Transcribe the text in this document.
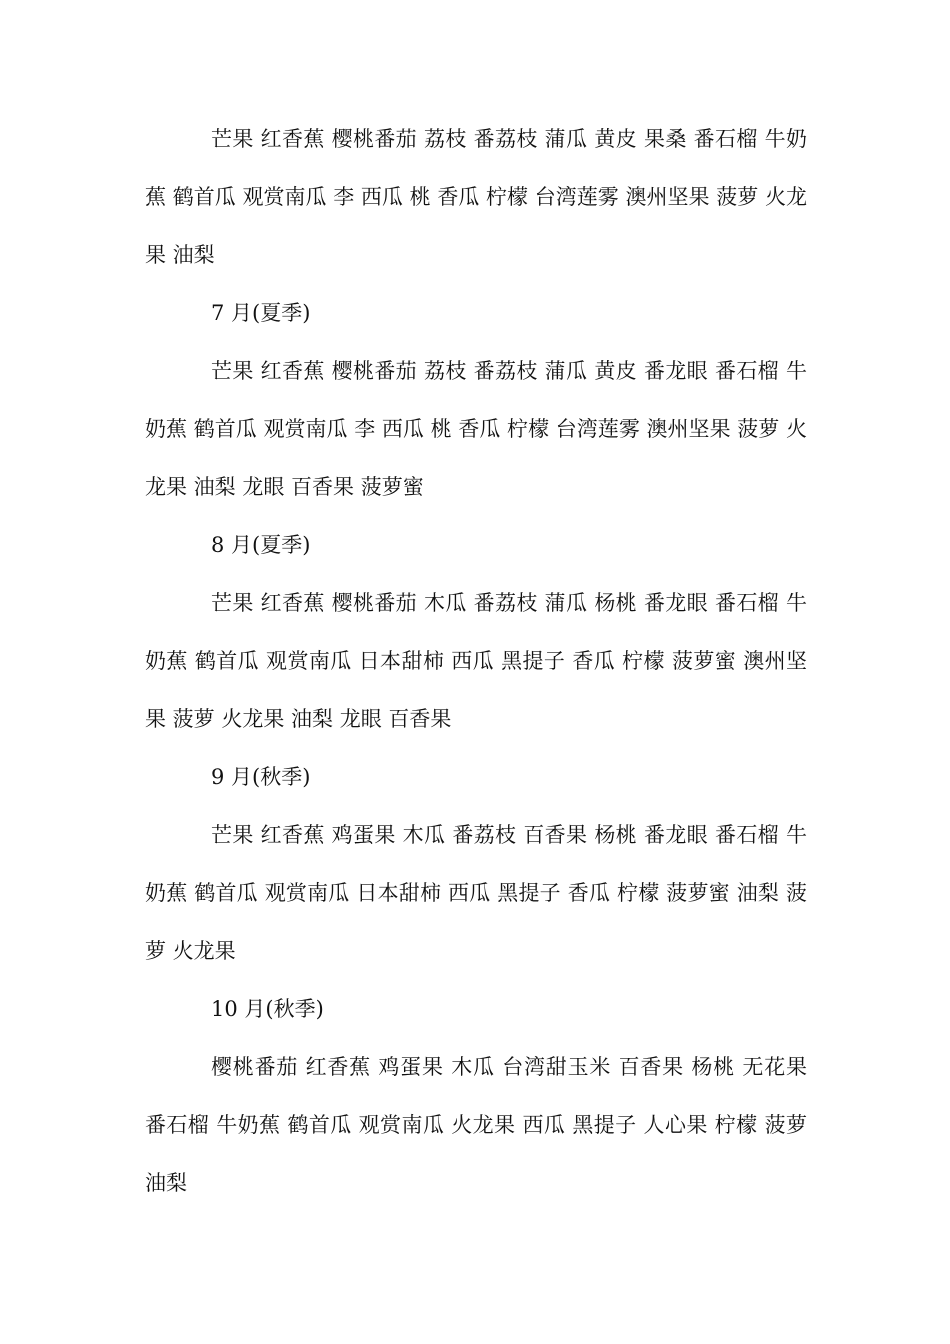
芒果 红香蕉 樱桃番茄 荔枝 番荔枝 蒲瓜 黄皮 果桑 番石榴 牛奶蕉 鹤首瓜 观赏南瓜 李 西瓜 桃 香瓜 柠檬 台湾莲雾 澳州坚果 菠萝 火龙果 油梨

7 月(夏季)

芒果 红香蕉 樱桃番茄 荔枝 番荔枝 蒲瓜 黄皮 番龙眼 番石榴 牛奶蕉 鹤首瓜 观赏南瓜 李 西瓜 桃 香瓜 柠檬 台湾莲雾 澳州坚果 菠萝 火龙果 油梨 龙眼 百香果 菠萝蜜

8 月(夏季)

芒果 红香蕉 樱桃番茄 木瓜 番荔枝 蒲瓜 杨桃 番龙眼 番石榴 牛奶蕉 鹤首瓜 观赏南瓜 日本甜柿 西瓜 黑提子 香瓜 柠檬 菠萝蜜 澳州坚果 菠萝 火龙果 油梨 龙眼 百香果

9 月(秋季)

芒果 红香蕉 鸡蛋果 木瓜 番荔枝 百香果 杨桃 番龙眼 番石榴 牛奶蕉 鹤首瓜 观赏南瓜 日本甜柿 西瓜 黑提子 香瓜 柠檬 菠萝蜜 油梨 菠萝 火龙果

10 月(秋季)

樱桃番茄 红香蕉 鸡蛋果 木瓜 台湾甜玉米 百香果 杨桃 无花果 番石榴 牛奶蕉 鹤首瓜 观赏南瓜 火龙果 西瓜 黑提子 人心果 柠檬 菠萝 油梨
